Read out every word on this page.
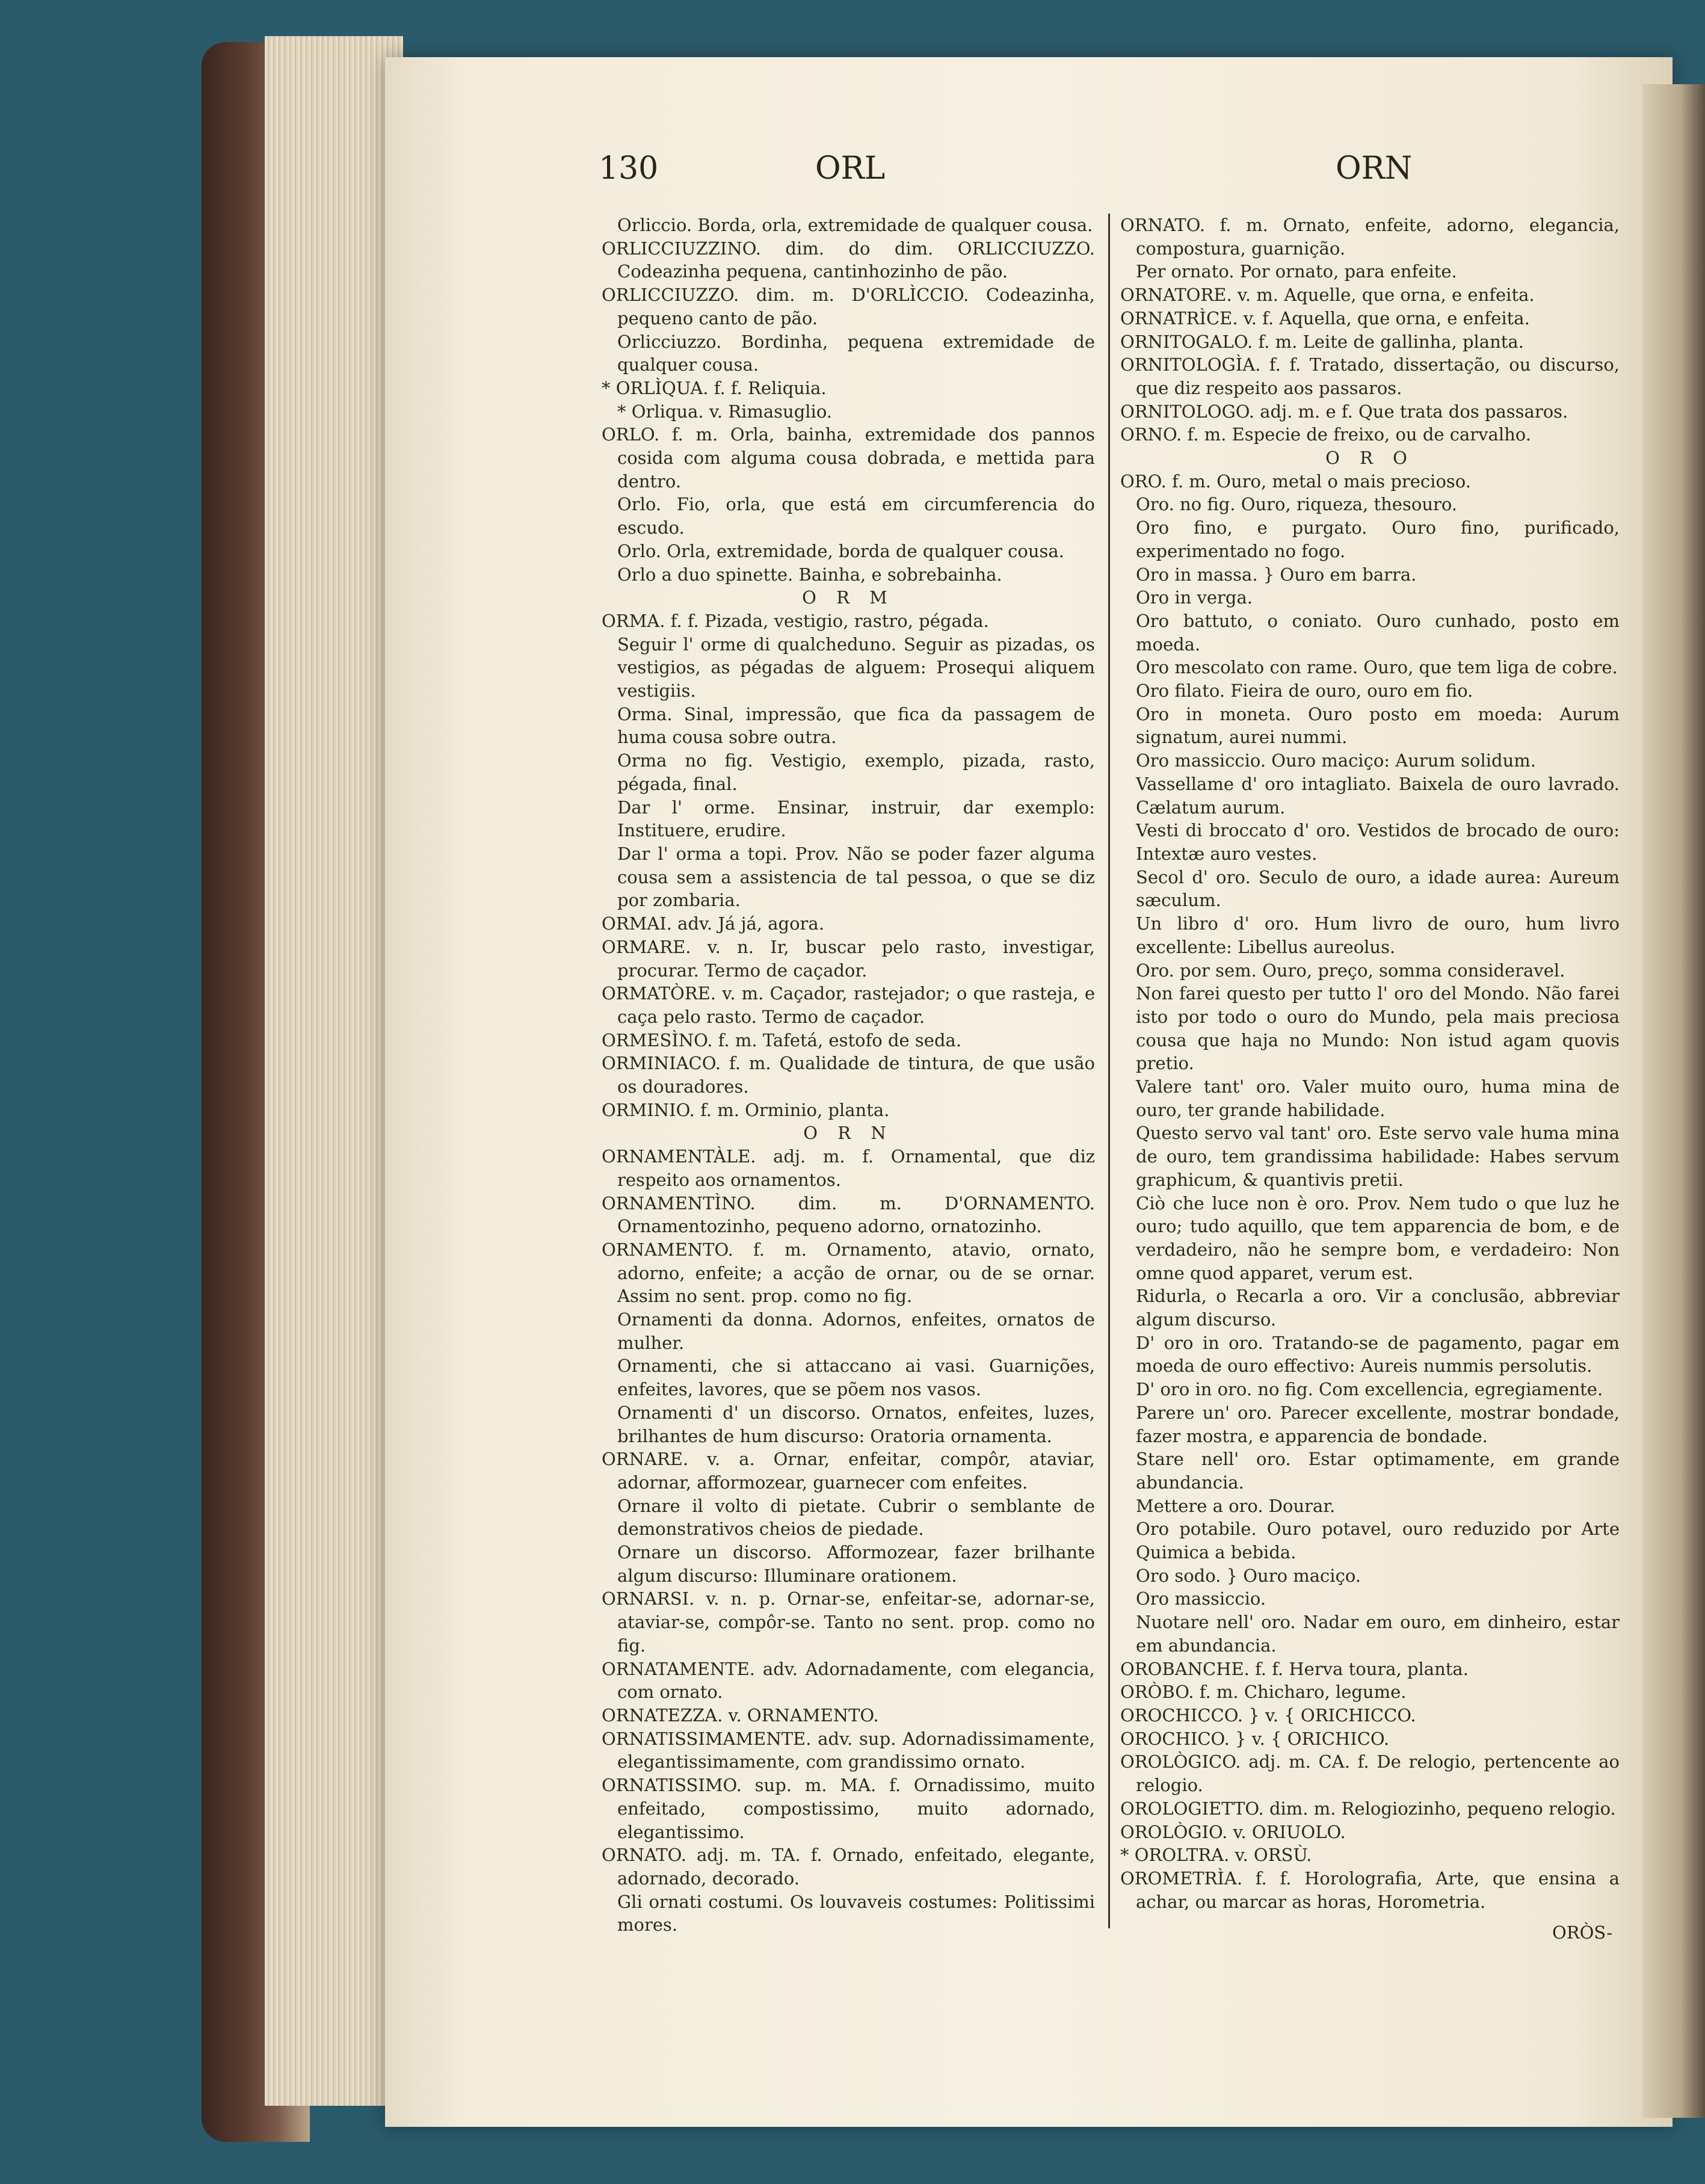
130	ORL	ORN

Orliccio. Borda, orla, extremidade de qualquer cousa.

ORLICCIUZZINO. dim. do dim. ORLICCIUZZO. Codeazinha pequena, cantinhozinho de pão.

ORLICCIUZZO. dim. m. D'ORLÌCCIO. Codeazinha, pequeno canto de pão.

Orlicciuzzo. Bordinha, pequena extremidade de qualquer cousa.

* ORLÌQUA. f. f. Reliquia.

* Orliqua. v. Rimasuglio.

ORLO. f. m. Orla, bainha, extremidade dos pannos cosida com alguma cousa dobrada, e mettida para dentro.

Orlo. Fio, orla, que está em circumferencia do escudo.

Orlo. Orla, extremidade, borda de qualquer cousa.

Orlo a duo spinette. Bainha, e sobrebainha.

O R M

ORMA. f. f. Pizada, vestigio, rastro, pégada.

Seguir l' orme di qualcheduno. Seguir as pizadas, os vestigios, as pégadas de alguem: Prosequi aliquem vestigiis.

Orma. Sinal, impressão, que fica da passagem de huma cousa sobre outra.

Orma no fig. Vestigio, exemplo, pizada, rasto, pégada, final.

Dar l' orme. Ensinar, instruir, dar exemplo: Instituere, erudire.

Dar l' orma a topi. Prov. Não se poder fazer alguma cousa sem a assistencia de tal pessoa, o que se diz por zombaria.

ORMAI. adv. Já já, agora.

ORMARE. v. n. Ir, buscar pelo rasto, investigar, procurar. Termo de caçador.

ORMATÒRE. v. m. Caçador, rastejador; o que rasteja, e caça pelo rasto. Termo de caçador.

ORMESÌNO. f. m. Tafetá, estofo de seda.

ORMINIACO. f. m. Qualidade de tintura, de que usão os douradores.

ORMINIO. f. m. Orminio, planta.

O R N

ORNAMENTÀLE. adj. m. f. Ornamental, que diz respeito aos ornamentos.

ORNAMENTÌNO. dim. m. D'ORNAMENTO. Ornamentozinho, pequeno adorno, ornatozinho.

ORNAMENTO. f. m. Ornamento, atavio, ornato, adorno, enfeite; a acção de ornar, ou de se ornar. Assim no sent. prop. como no fig.

Ornamenti da donna. Adornos, enfeites, ornatos de mulher.

Ornamenti, che si attaccano ai vasi. Guarnições, enfeites, lavores, que se põem nos vasos.

Ornamenti d' un discorso. Ornatos, enfeites, luzes, brilhantes de hum discurso: Oratoria ornamenta.

ORNARE. v. a. Ornar, enfeitar, compôr, ataviar, adornar, afformozear, guarnecer com enfeites.

Ornare il volto di pietate. Cubrir o semblante de demonstrativos cheios de piedade.

Ornare un discorso. Afformozear, fazer brilhante algum discurso: Illuminare orationem.

ORNARSI. v. n. p. Ornar-se, enfeitar-se, adornar-se, ataviar-se, compôr-se. Tanto no sent. prop. como no fig.

ORNATAMENTE. adv. Adornadamente, com elegancia, com ornato.

ORNATEZZA. v. ORNAMENTO.

ORNATISSIMAMENTE. adv. sup. Adornadissimamente, elegantissimamente, com grandissimo ornato.

ORNATISSIMO. sup. m. MA. f. Ornadissimo, muito enfeitado, compostissimo, muito adornado, elegantissimo.

ORNATO. adj. m. TA. f. Ornado, enfeitado, elegante, adornado, decorado.

Gli ornati costumi. Os louvaveis costumes: Politissimi mores.

ORNATO. f. m. Ornato, enfeite, adorno, elegancia, compostura, guarnição.

Per ornato. Por ornato, para enfeite.

ORNATORE. v. m. Aquelle, que orna, e enfeita.

ORNATRÌCE. v. f. Aquella, que orna, e enfeita.

ORNITOGALO. f. m. Leite de gallinha, planta.

ORNITOLOGÌA. f. f. Tratado, dissertação, ou discurso, que diz respeito aos passaros.

ORNITOLOGO. adj. m. e f. Que trata dos passaros.

ORNO. f. m. Especie de freixo, ou de carvalho.

O R O

ORO. f. m. Ouro, metal o mais precioso.

Oro. no fig. Ouro, riqueza, thesouro.

Oro fino, e purgato. Ouro fino, purificado, experimentado no fogo.

Oro in massa. } Ouro em barra.

Oro in verga.

Oro battuto, o coniato. Ouro cunhado, posto em moeda.

Oro mescolato con rame. Ouro, que tem liga de cobre.

Oro filato. Fieira de ouro, ouro em fio.

Oro in moneta. Ouro posto em moeda: Aurum signatum, aurei nummi.

Oro massiccio. Ouro maciço: Aurum solidum.

Vassellame d' oro intagliato. Baixela de ouro lavrado. Cælatum aurum.

Vesti di broccato d' oro. Vestidos de brocado de ouro: Intextæ auro vestes.

Secol d' oro. Seculo de ouro, a idade aurea: Aureum sæculum.

Un libro d' oro. Hum livro de ouro, hum livro excellente: Libellus aureolus.

Oro. por sem. Ouro, preço, somma consideravel.

Non farei questo per tutto l' oro del Mondo. Não farei isto por todo o ouro do Mundo, pela mais preciosa cousa que haja no Mundo: Non istud agam quovis pretio.

Valere tant' oro. Valer muito ouro, huma mina de ouro, ter grande habilidade.

Questo servo val tant' oro. Este servo vale huma mina de ouro, tem grandissima habilidade: Habes servum graphicum, & quantivis pretii.

Ciò che luce non è oro. Prov. Nem tudo o que luz he ouro; tudo aquillo, que tem apparencia de bom, e de verdadeiro, não he sempre bom, e verdadeiro: Non omne quod apparet, verum est.

Ridurla, o Recarla a oro. Vir a conclusão, abbreviar algum discurso.

D' oro in oro. Tratando-se de pagamento, pagar em moeda de ouro effectivo: Aureis nummis persolutis.

D' oro in oro. no fig. Com excellencia, egregiamente.

Parere un' oro. Parecer excellente, mostrar bondade, fazer mostra, e apparencia de bondade.

Stare nell' oro. Estar optimamente, em grande abundancia.

Mettere a oro. Dourar.

Oro potabile. Ouro potavel, ouro reduzido por Arte Quimica a bebida.

Oro sodo. } Ouro maciço.

Oro massiccio.

Nuotare nell' oro. Nadar em ouro, em dinheiro, estar em abundancia.

OROBANCHE. f. f. Herva toura, planta.

ORÒBO. f. m. Chicharo, legume.

OROCHICCO. } v. { ORICHICCO.

OROCHICO. } v. { ORICHICO.

OROLÒGICO. adj. m. CA. f. De relogio, pertencente ao relogio.

OROLOGIETTO. dim. m. Relogiozinho, pequeno relogio.

OROLÒGIO. v. ORIUOLO.

* OROLTRA. v. ORSÙ.

OROMETRÌA. f. f. Horolografia, Arte, que ensina a achar, ou marcar as horas, Horometria.

ORÒS-
